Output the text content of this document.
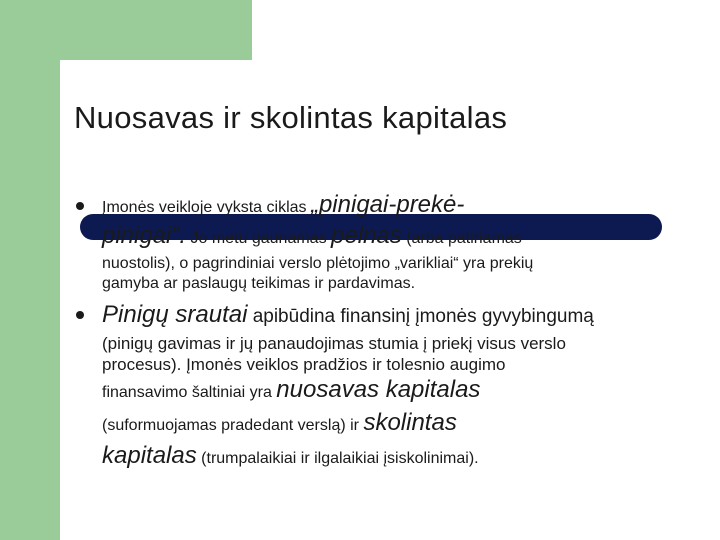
Nuosavas ir skolintas kapitalas
Įmonės veikloje vyksta ciklas „pinigai-prekė-
pinigai“. Jo metu gaunamas pelnas (arba patiriamas
nuostolis), o pagrindiniai verslo plėtojimo „varikliai“ yra prekių
gamyba ar paslaugų teikimas ir pardavimas.
Pinigų srautai apibūdina finansinį įmonės gyvybingumą
(pinigų gavimas ir jų panaudojimas stumia į priekį visus verslo
procesus). Įmonės veiklos pradžios ir tolesnio augimo
finansavimo šaltiniai yra nuosavas kapitalas
(suformuojamas pradedant verslą) ir skolintas
kapitalas (trumpalaikiai ir ilgalaikiai įsiskolinimai).
